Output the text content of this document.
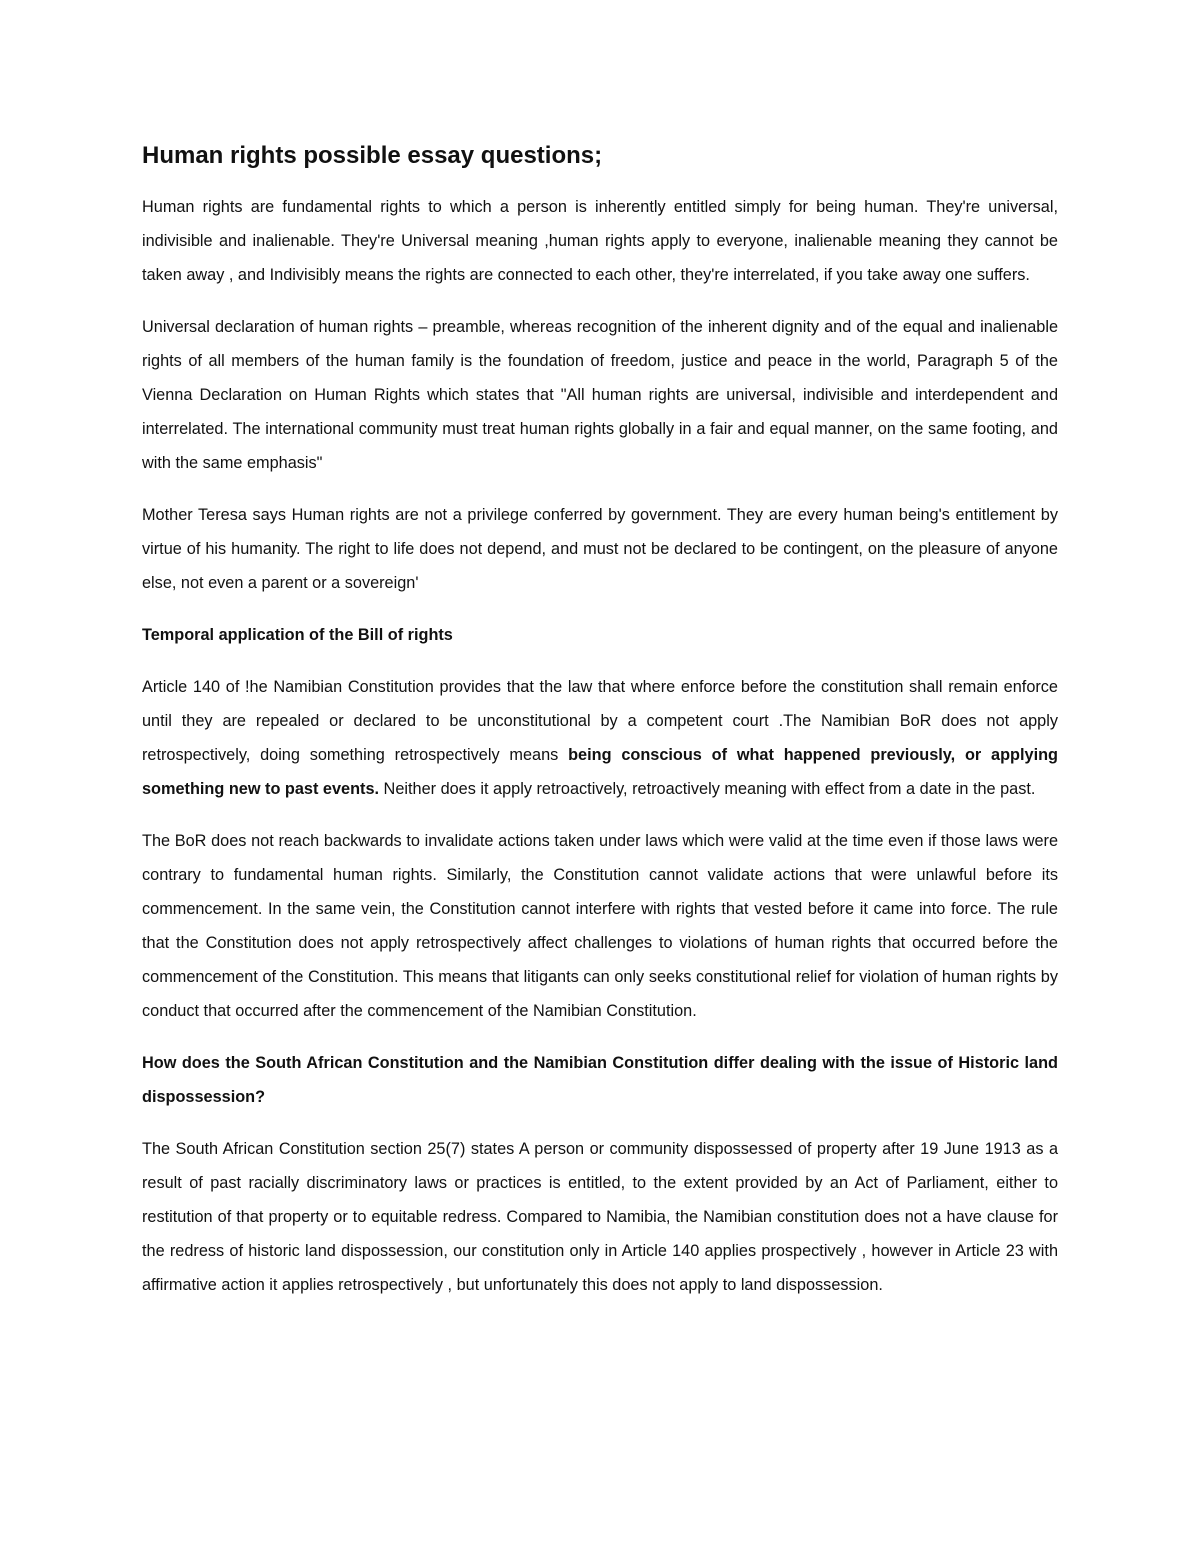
Human rights possible essay questions;

Human rights are fundamental rights to which a person is inherently entitled simply for being human. They're universal, indivisible and inalienable. They're Universal meaning ,human rights apply to everyone, inalienable meaning they cannot be taken away , and Indivisibly means the rights are connected to each other, they're interrelated, if you take away one suffers.

Universal declaration of human rights – preamble, whereas recognition of the inherent dignity and of the equal and inalienable rights of all members of the human family is the foundation of freedom, justice and peace in the world, Paragraph 5 of the Vienna Declaration on Human Rights which states that "All human rights are universal, indivisible and interdependent and interrelated. The international community must treat human rights globally in a fair and equal manner, on the same footing, and with the same emphasis"

Mother Teresa says Human rights are not a privilege conferred by government. They are every human being's entitlement by virtue of his humanity. The right to life does not depend, and must not be declared to be contingent, on the pleasure of anyone else, not even a parent or a sovereign'

Temporal application of the Bill of rights

Article 140 of !he Namibian Constitution provides that the law that where enforce before the constitution shall remain enforce until they are repealed or declared to be unconstitutional by a competent court .The Namibian BoR does not apply retrospectively, doing something retrospectively means being conscious of what happened previously, or applying something new to past events. Neither does it apply retroactively, retroactively meaning with effect from a date in the past.

The BoR does not reach backwards to invalidate actions taken under laws which were valid at the time even if those laws were contrary to fundamental human rights. Similarly, the Constitution cannot validate actions that were unlawful before its commencement. In the same vein, the Constitution cannot interfere with rights that vested before it came into force. The rule that the Constitution does not apply retrospectively affect challenges to violations of human rights that occurred before the commencement of the Constitution. This means that litigants can only seeks constitutional relief for violation of human rights by conduct that occurred after the commencement of the Namibian Constitution.

How does the South African Constitution and the Namibian Constitution differ dealing with the issue of Historic land dispossession?

The South African Constitution section 25(7) states A person or community dispossessed of property after 19 June 1913 as a result of past racially discriminatory laws or practices is entitled, to the extent provided by an Act of Parliament, either to restitution of that property or to equitable redress. Compared to Namibia, the Namibian constitution does not a have clause for the redress of historic land dispossession, our constitution only in Article 140 applies prospectively , however in Article 23 with affirmative action it applies retrospectively , but unfortunately this does not apply to land dispossession.
